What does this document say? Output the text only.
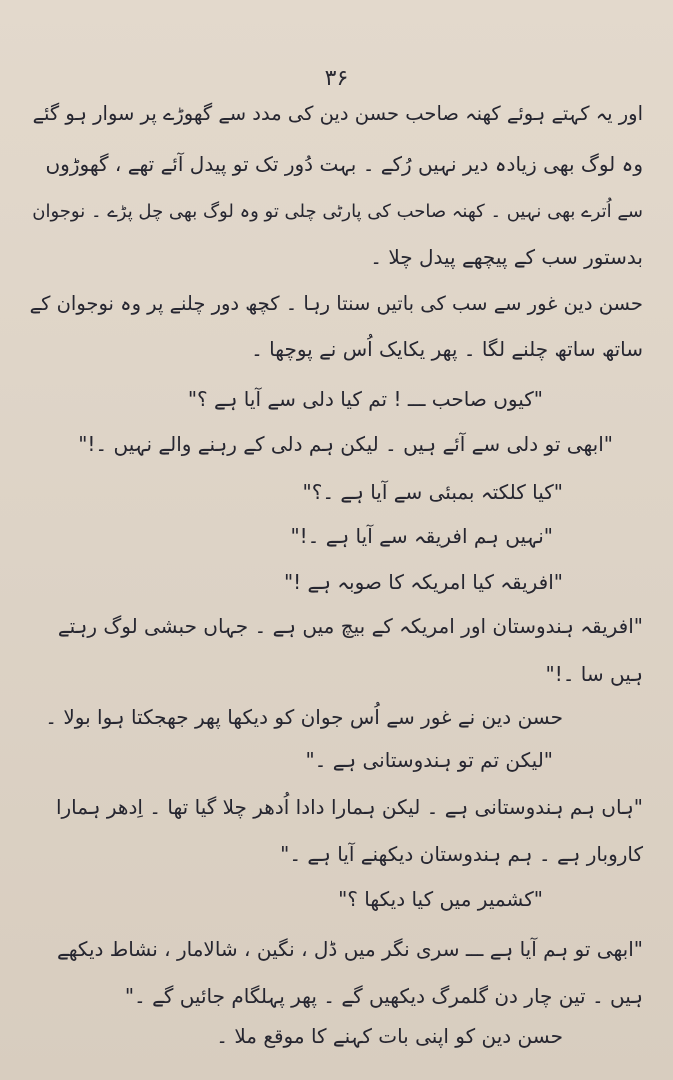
۳۶
اور یہ کہتے ہوئے کھنہ صاحب حسن دین کی مدد سے گھوڑے پر سوار ہو گئے
وہ لوگ بھی زیادہ دیر نہیں رُکے ۔ بہت دُور تک تو پیدل آئے تھے ، گھوڑوں
سے اُترے بھی نہیں ۔ کھنہ صاحب کی پارٹی چلی تو وہ لوگ بھی چل پڑے ۔ نوجوان
بدستور سب کے پیچھے پیدل چلا ۔
حسن دین غور سے سب کی باتیں سنتا رہا ۔ کچھ دور چلنے پر وہ نوجوان کے
ساتھ ساتھ چلنے لگا ۔ پھر یکایک اُس نے پوچھا ۔
"کیوں صاحب ـــ ! تم کیا دلی سے آیا ہے ؟"
"ابھی تو دلی سے آئے ہیں ۔ لیکن ہم دلی کے رہنے والے نہیں ۔!"
"کیا کلکتہ بمبئی سے آیا ہے ۔؟"
"نہیں ہم افریقہ سے آیا ہے ۔!"
"افریقہ کیا امریکہ کا صوبہ ہے !"
"افریقہ ہندوستان اور امریکہ کے بیچ میں ہے ۔ جہاں حبشی لوگ رہتے
ہیں سا ۔!"
حسن دین نے غور سے اُس جوان کو دیکھا پھر جھجکتا ہوا بولا ۔
"لیکن تم تو ہندوستانی ہے ۔"
"ہاں ہم ہندوستانی ہے ۔ لیکن ہمارا دادا اُدھر چلا گیا تھا ۔ اِدھر ہمارا
کاروبار ہے ۔ ہم ہندوستان دیکھنے آیا ہے ۔"
"کشمیر میں کیا دیکھا ؟"
"ابھی تو ہم آیا ہے ـــ سری نگر میں ڈل ، نگین ، شالامار ، نشاط دیکھے
ہیں ۔ تین چار دن گلمرگ دیکھیں گے ۔ پھر پہلگام جائیں گے ۔"
حسن دین کو اپنی بات کہنے کا موقع ملا ۔
